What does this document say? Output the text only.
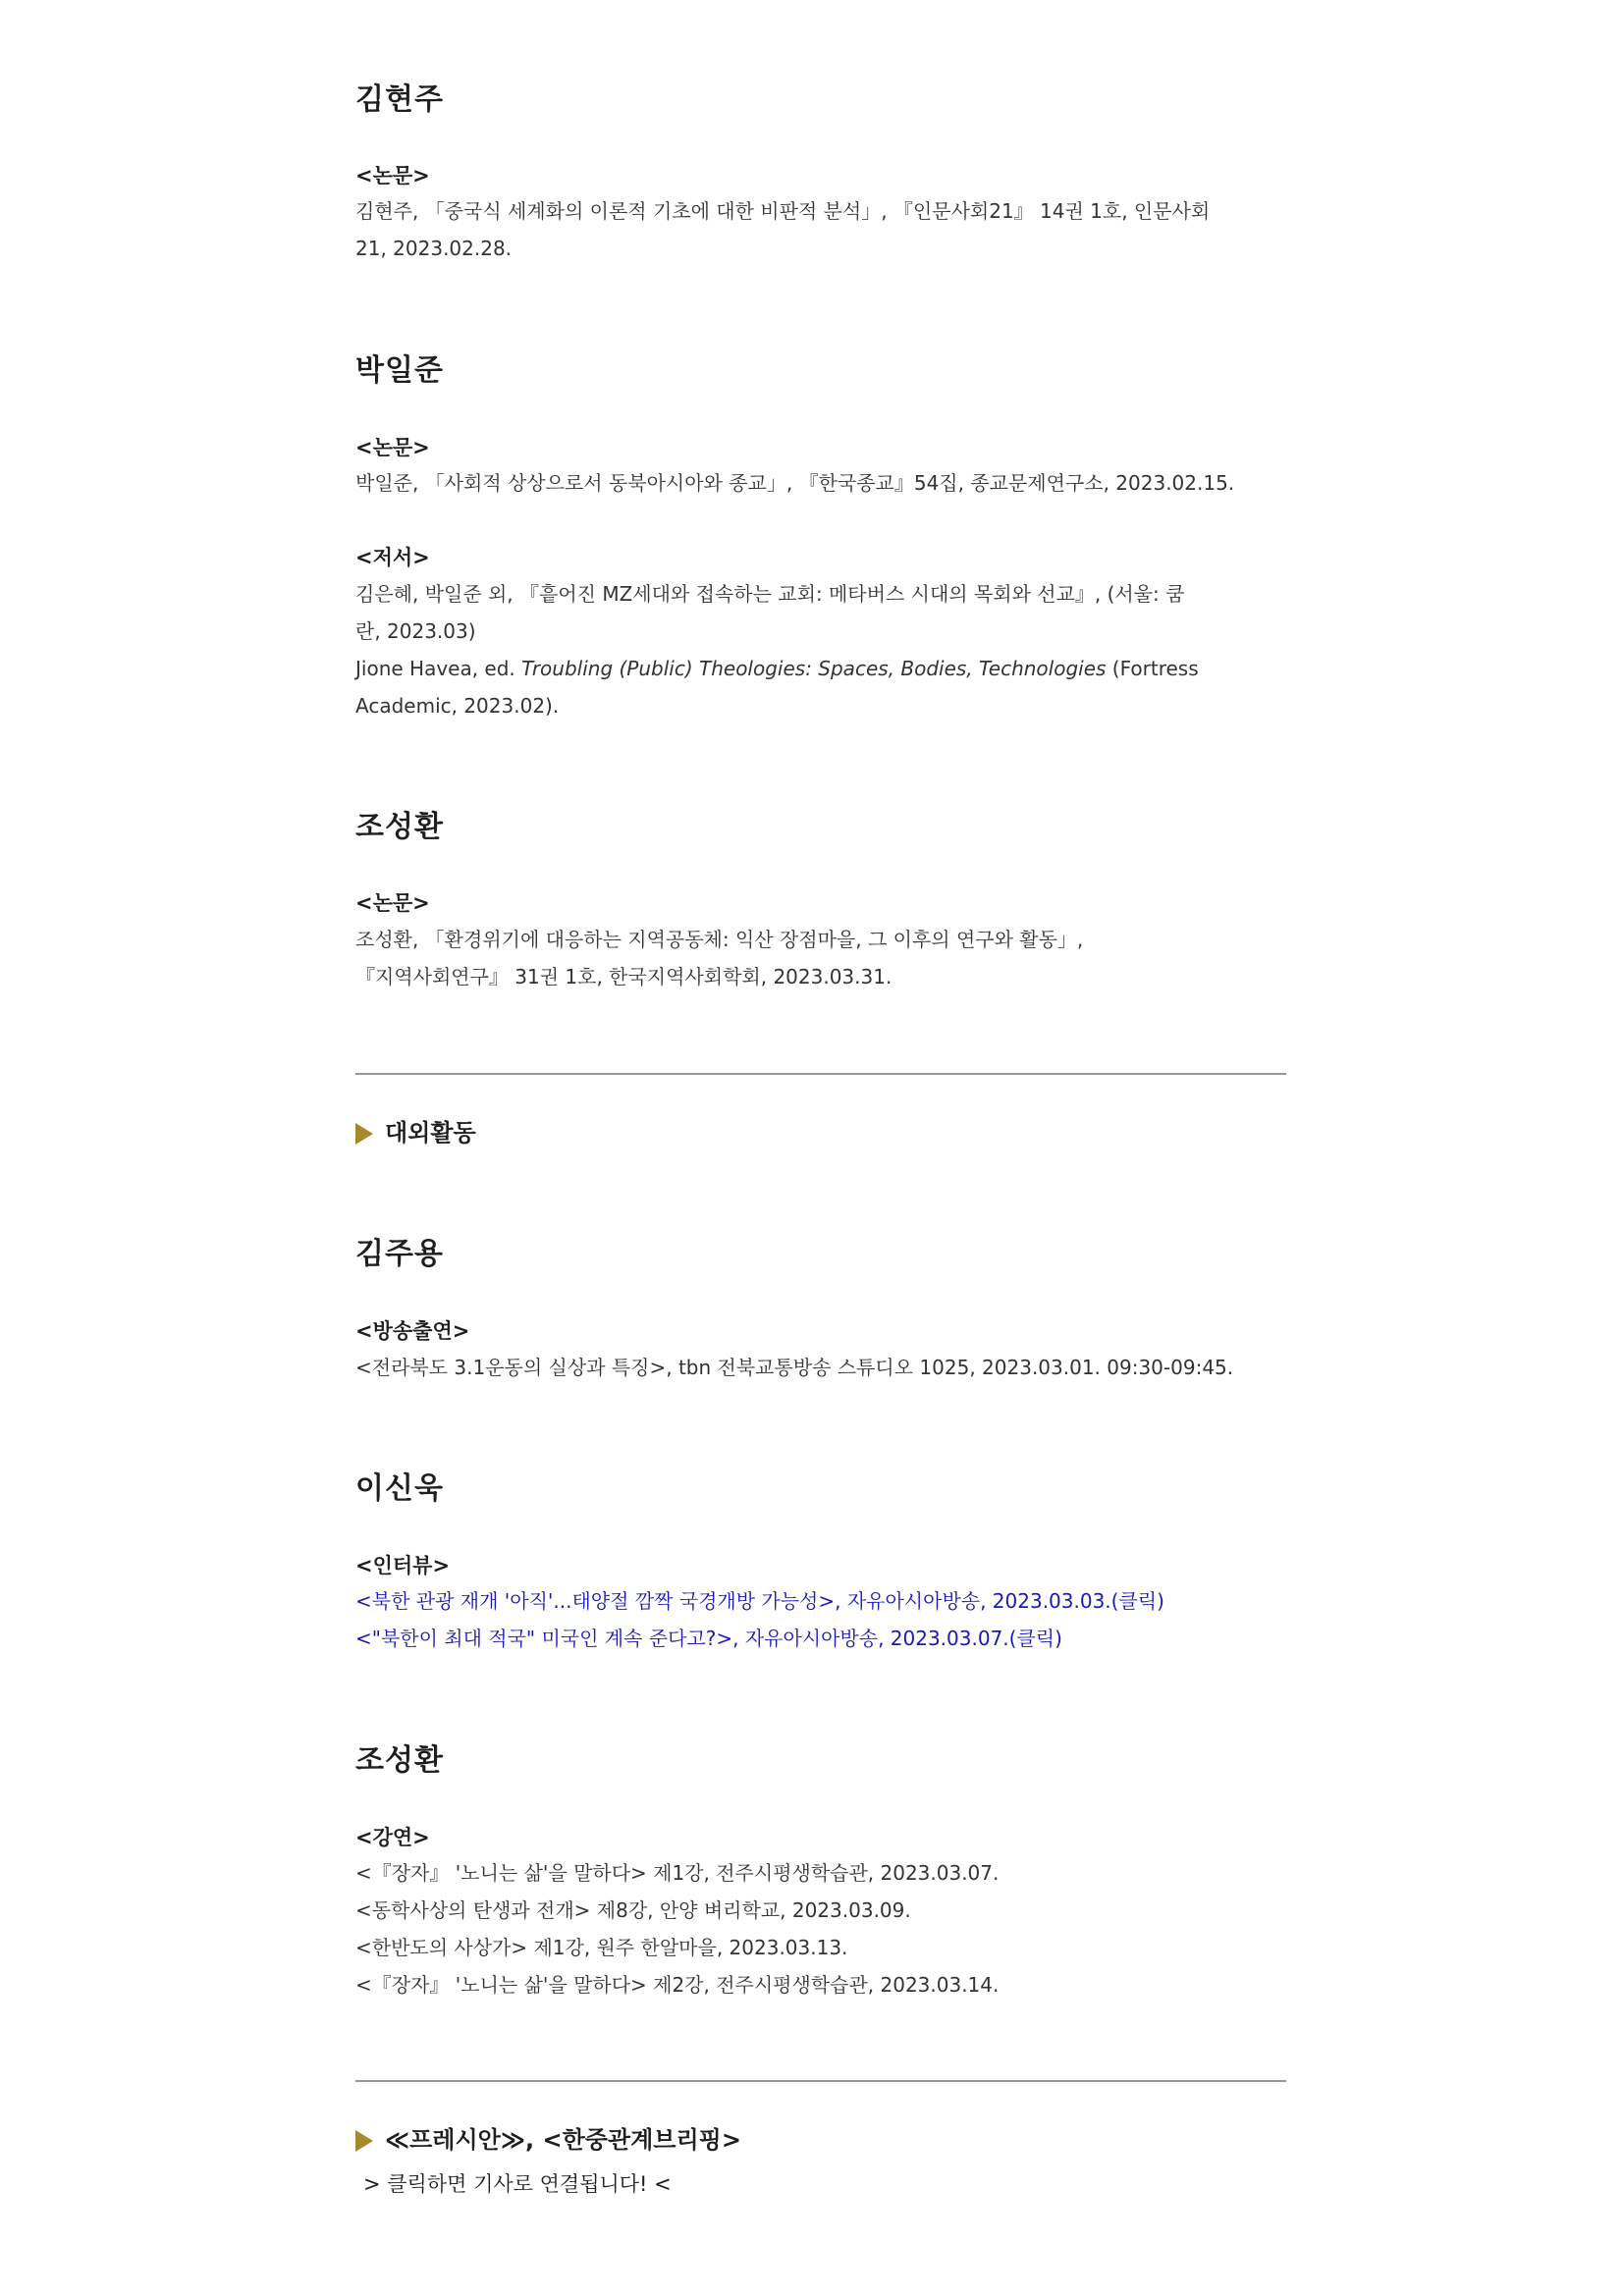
김현주
<논문>
김현주, 「중국식 세계화의 이론적 기초에 대한 비판적 분석」, 『인문사회21』 14권 1호, 인문사회
21, 2023.02.28.
박일준
<논문>
박일준, 「사회적 상상으로서 동북아시아와 종교」, 『한국종교』54집, 종교문제연구소, 2023.02.15.
<저서>
김은혜, 박일준 외, 『흩어진 MZ세대와 접속하는 교회: 메타버스 시대의 목회와 선교』, (서울: 쿰
란, 2023.03)
Jione Havea, ed. Troubling (Public) Theologies: Spaces, Bodies, Technologies (Fortress
Academic, 2023.02).
조성환
<논문>
조성환, 「환경위기에 대응하는 지역공동체: 익산 장점마을, 그 이후의 연구와 활동」,
『지역사회연구』 31권 1호, 한국지역사회학회, 2023.03.31.
대외활동
김주용
<방송출연>
<전라북도 3.1운동의 실상과 특징>, tbn 전북교통방송 스튜디오 1025, 2023.03.01. 09:30-09:45.
이신욱
<인터뷰>
<북한 관광 재개 '아직'...태양절 깜짝 국경개방 가능성>, 자유아시아방송, 2023.03.03.(클릭)
<"북한이 최대 적국" 미국인 계속 준다고?>, 자유아시아방송, 2023.03.07.(클릭)
조성환
<강연>
<『장자』 '노니는 삶'을 말하다> 제1강, 전주시평생학습관, 2023.03.07.
<동학사상의 탄생과 전개> 제8강, 안양 벼리학교, 2023.03.09.
<한반도의 사상가> 제1강, 원주 한알마을, 2023.03.13.
<『장자』 '노니는 삶'을 말하다> 제2강, 전주시평생학습관, 2023.03.14.
≪프레시안≫, <한중관계브리핑>
> 클릭하면 기사로 연결됩니다! <
